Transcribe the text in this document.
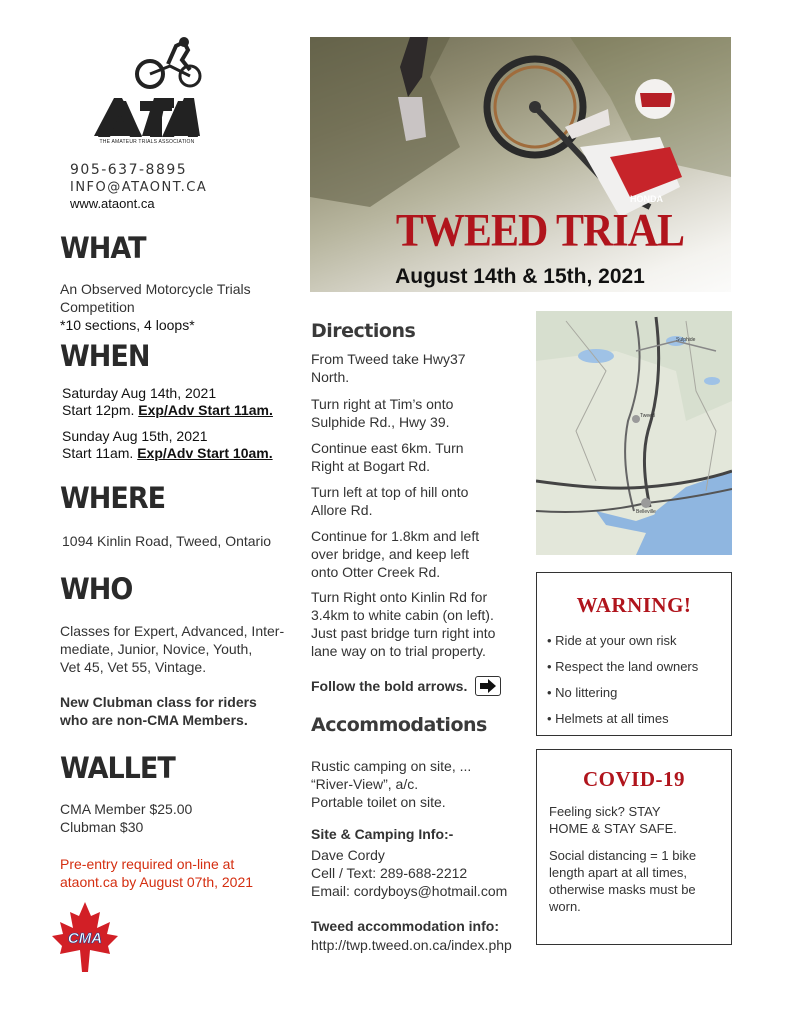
THE AMATEUR TRIALS ASSOCIATION
905-637-8895
INFO@ATAONT.CA
www.ataont.ca	HONDA
TWEED TRIAL
August 14th & 15th, 2021
WHAT
An Observed Motorcycle Trials
Competition
*10 sections, 4 loops*
WHEN
Saturday Aug 14th, 2021
Start 12pm. Exp/Adv Start 11am.
Sunday Aug 15th, 2021
Start 11am. Exp/Adv Start 10am.
WHERE
1094 Kinlin Road, Tweed, Ontario
WHO
Classes for Expert, Advanced, Inter-
mediate, Junior, Novice, Youth,
Vet 45, Vet 55, Vintage.
New Clubman class for riders
who are non-CMA Members.
WALLET
CMA Member $25.00
Clubman $30
Pre-entry required on-line at
ataont.ca by August 07th, 2021
CMA
Directions
From Tweed take Hwy37
North.
Turn right at Tim’s onto
Sulphide Rd., Hwy 39.
Continue east 6km. Turn
Right at Bogart Rd.
Turn left at top of hill onto
Allore Rd.
Continue for 1.8km and left
over bridge, and keep left
onto Otter Creek Rd.
Turn Right onto Kinlin Rd for
3.4km to white cabin (on left).
Just past bridge turn right into
lane way on to trial property.
Follow the bold arrows.
Accommodations
Rustic camping on site, ...
“River-View”, a/c.
Portable toilet on site.
Site & Camping Info:-
Dave Cordy
Cell / Text: 289-688-2212
Email: cordyboys@hotmail.com
Tweed accommodation info:
http://twp.tweed.on.ca/index.php
Sulphide
Tweed
Belleville
WARNING!
• Ride at your own risk
• Respect the land owners
• No littering
• Helmets at all times
COVID-19
Feeling sick? STAY
HOME & STAY SAFE.
Social distancing = 1 bike
length apart at all times,
otherwise masks must be
worn.
